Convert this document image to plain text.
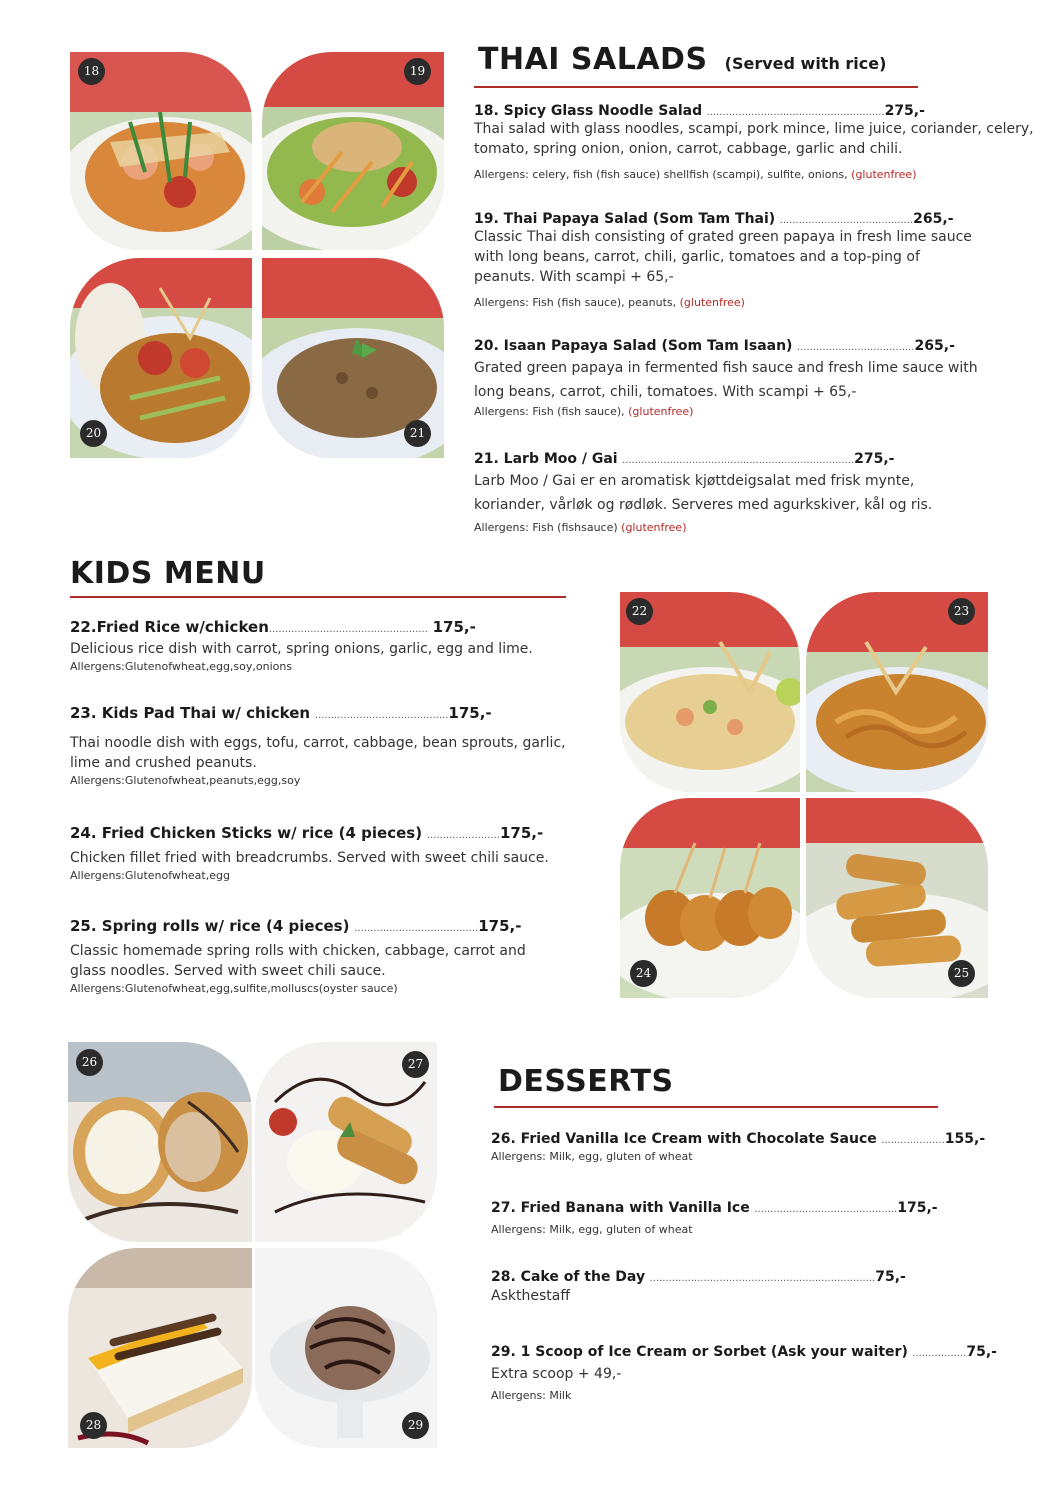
18	19
20	21
THAI SALADS (Served with rice)
18. Spicy Glass Noodle Salad ........................................................275,-
Thai salad with glass noodles, scampi, pork mince, lime juice, coriander, celery, tomato, spring onion, onion, carrot, cabbage, garlic and chili.
Allergens: celery, fish (fish sauce) shellfish (scampi), sulfite, onions, (glutenfree)
19. Thai Papaya Salad (Som Tam Thai) ..........................................265,-
Classic Thai dish consisting of grated green papaya in fresh lime sauce with long beans, carrot, chili, garlic, tomatoes and a top-ping of peanuts. With scampi + 65,-
Allergens: Fish (fish sauce), peanuts, (glutenfree)
20. Isaan Papaya Salad (Som Tam Isaan) .....................................265,-
Grated green papaya in fermented fish sauce and fresh lime sauce with long beans, carrot, chili, tomatoes. With scampi + 65,-
Allergens: Fish (fish sauce), (glutenfree)
21. Larb Moo / Gai .........................................................................275,-
Larb Moo / Gai er en aromatisk kjøttdeigsalat med frisk mynte, koriander, vårløk og rødløk. Serveres med agurkskiver, kål og ris.
Allergens: Fish (fishsauce) (glutenfree)
KIDS MENU
22.Fried Rice w/chicken.................................................. 175,-
Delicious rice dish with carrot, spring onions, garlic, egg and lime.
Allergens:Glutenofwheat,egg,soy,onions
23. Kids Pad Thai w/ chicken ..........................................175,-
Thai noodle dish with eggs, tofu, carrot, cabbage, bean sprouts, garlic, lime and crushed peanuts.
Allergens:Glutenofwheat,peanuts,egg,soy
24. Fried Chicken Sticks w/ rice (4 pieces) .......................175,-
Chicken fillet fried with breadcrumbs. Served with sweet chili sauce.
Allergens:Glutenofwheat,egg
25. Spring rolls w/ rice (4 pieces) .......................................175,-
Classic homemade spring rolls with chicken, cabbage, carrot and glass noodles. Served with sweet chili sauce.
Allergens:Glutenofwheat,egg,sulfite,molluscs(oyster sauce)
22	23
24	25
26	27
28	29
DESSERTS
26. Fried Vanilla Ice Cream with Chocolate Sauce ....................155,-
Allergens: Milk, egg, gluten of wheat
27. Fried Banana with Vanilla Ice .............................................175,-
Allergens: Milk, egg, gluten of wheat
28. Cake of the Day .......................................................................75,-
Askthestaff
29. 1 Scoop of Ice Cream or Sorbet (Ask your waiter) .................75,-
Extra scoop + 49,-
Allergens: Milk
